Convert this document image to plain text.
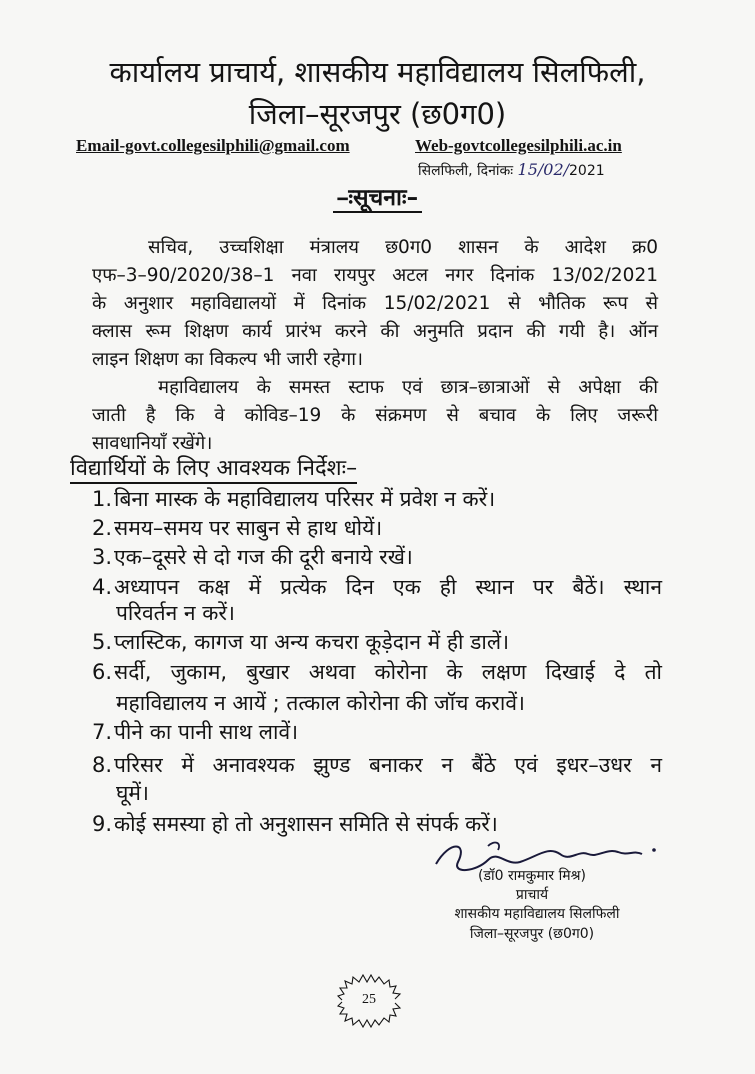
कार्यालय प्राचार्य, शासकीय महाविद्यालय सिलफिली,
जिला–सूरजपुर (छ0ग0)
Email-govt.collegesilphili@gmail.com	Web-govtcollegesilphili.ac.in
सिलफिली, दिनांकः 15/02/2021
–ःसूचनाः–
सचिव, उच्चशिक्षा मंत्रालय छ0ग0 शासन के आदेश क्र0
एफ–3–90/2020/38–1 नवा रायपुर अटल नगर दिनांक 13/02/2021
के अनुशार महाविद्यालयों में दिनांक 15/02/2021 से भौतिक रूप से
क्लास रूम शिक्षण कार्य प्रारंभ करने की अनुमति प्रदान की गयी है। ऑन
लाइन शिक्षण का विकल्प भी जारी रहेगा।
महाविद्यालय के समस्त स्टाफ एवं छात्र–छात्राओं से अपेक्षा की
जाती है कि वे कोविड–19 के संक्रमण से बचाव के लिए जरूरी
सावधानियाँ रखेंगे।
विद्यार्थियों के लिए आवश्यक निर्देशः–
1.बिना मास्क के महाविद्यालय परिसर में प्रवेश न करें।
2.समय–समय पर साबुन से हाथ धोयें।
3.एक–दूसरे से दो गज की दूरी बनाये रखें।
4.अध्यापन कक्ष में प्रत्येक दिन एक ही स्थान पर बैठें। स्थान
परिवर्तन न करें।
5.प्लास्टिक, कागज या अन्य कचरा कूड़ेदान में ही डालें।
6.सर्दी, जुकाम, बुखार अथवा कोरोना के लक्षण दिखाई दे तो
महाविद्यालय न आयें ; तत्काल कोरोना की जॉच करावें।
7.पीने का पानी साथ लावें।
8.परिसर में अनावश्यक झुण्ड बनाकर न बैंठे एवं इधर–उधर न
घूमें।
9.कोई समस्या हो तो अनुशासन समिति से संपर्क करें।
(डॉ0 रामकुमार मिश्र)
प्राचार्य
शासकीय महाविद्यालय सिलफिली
जिला–सूरजपुर (छ0ग0)
25
